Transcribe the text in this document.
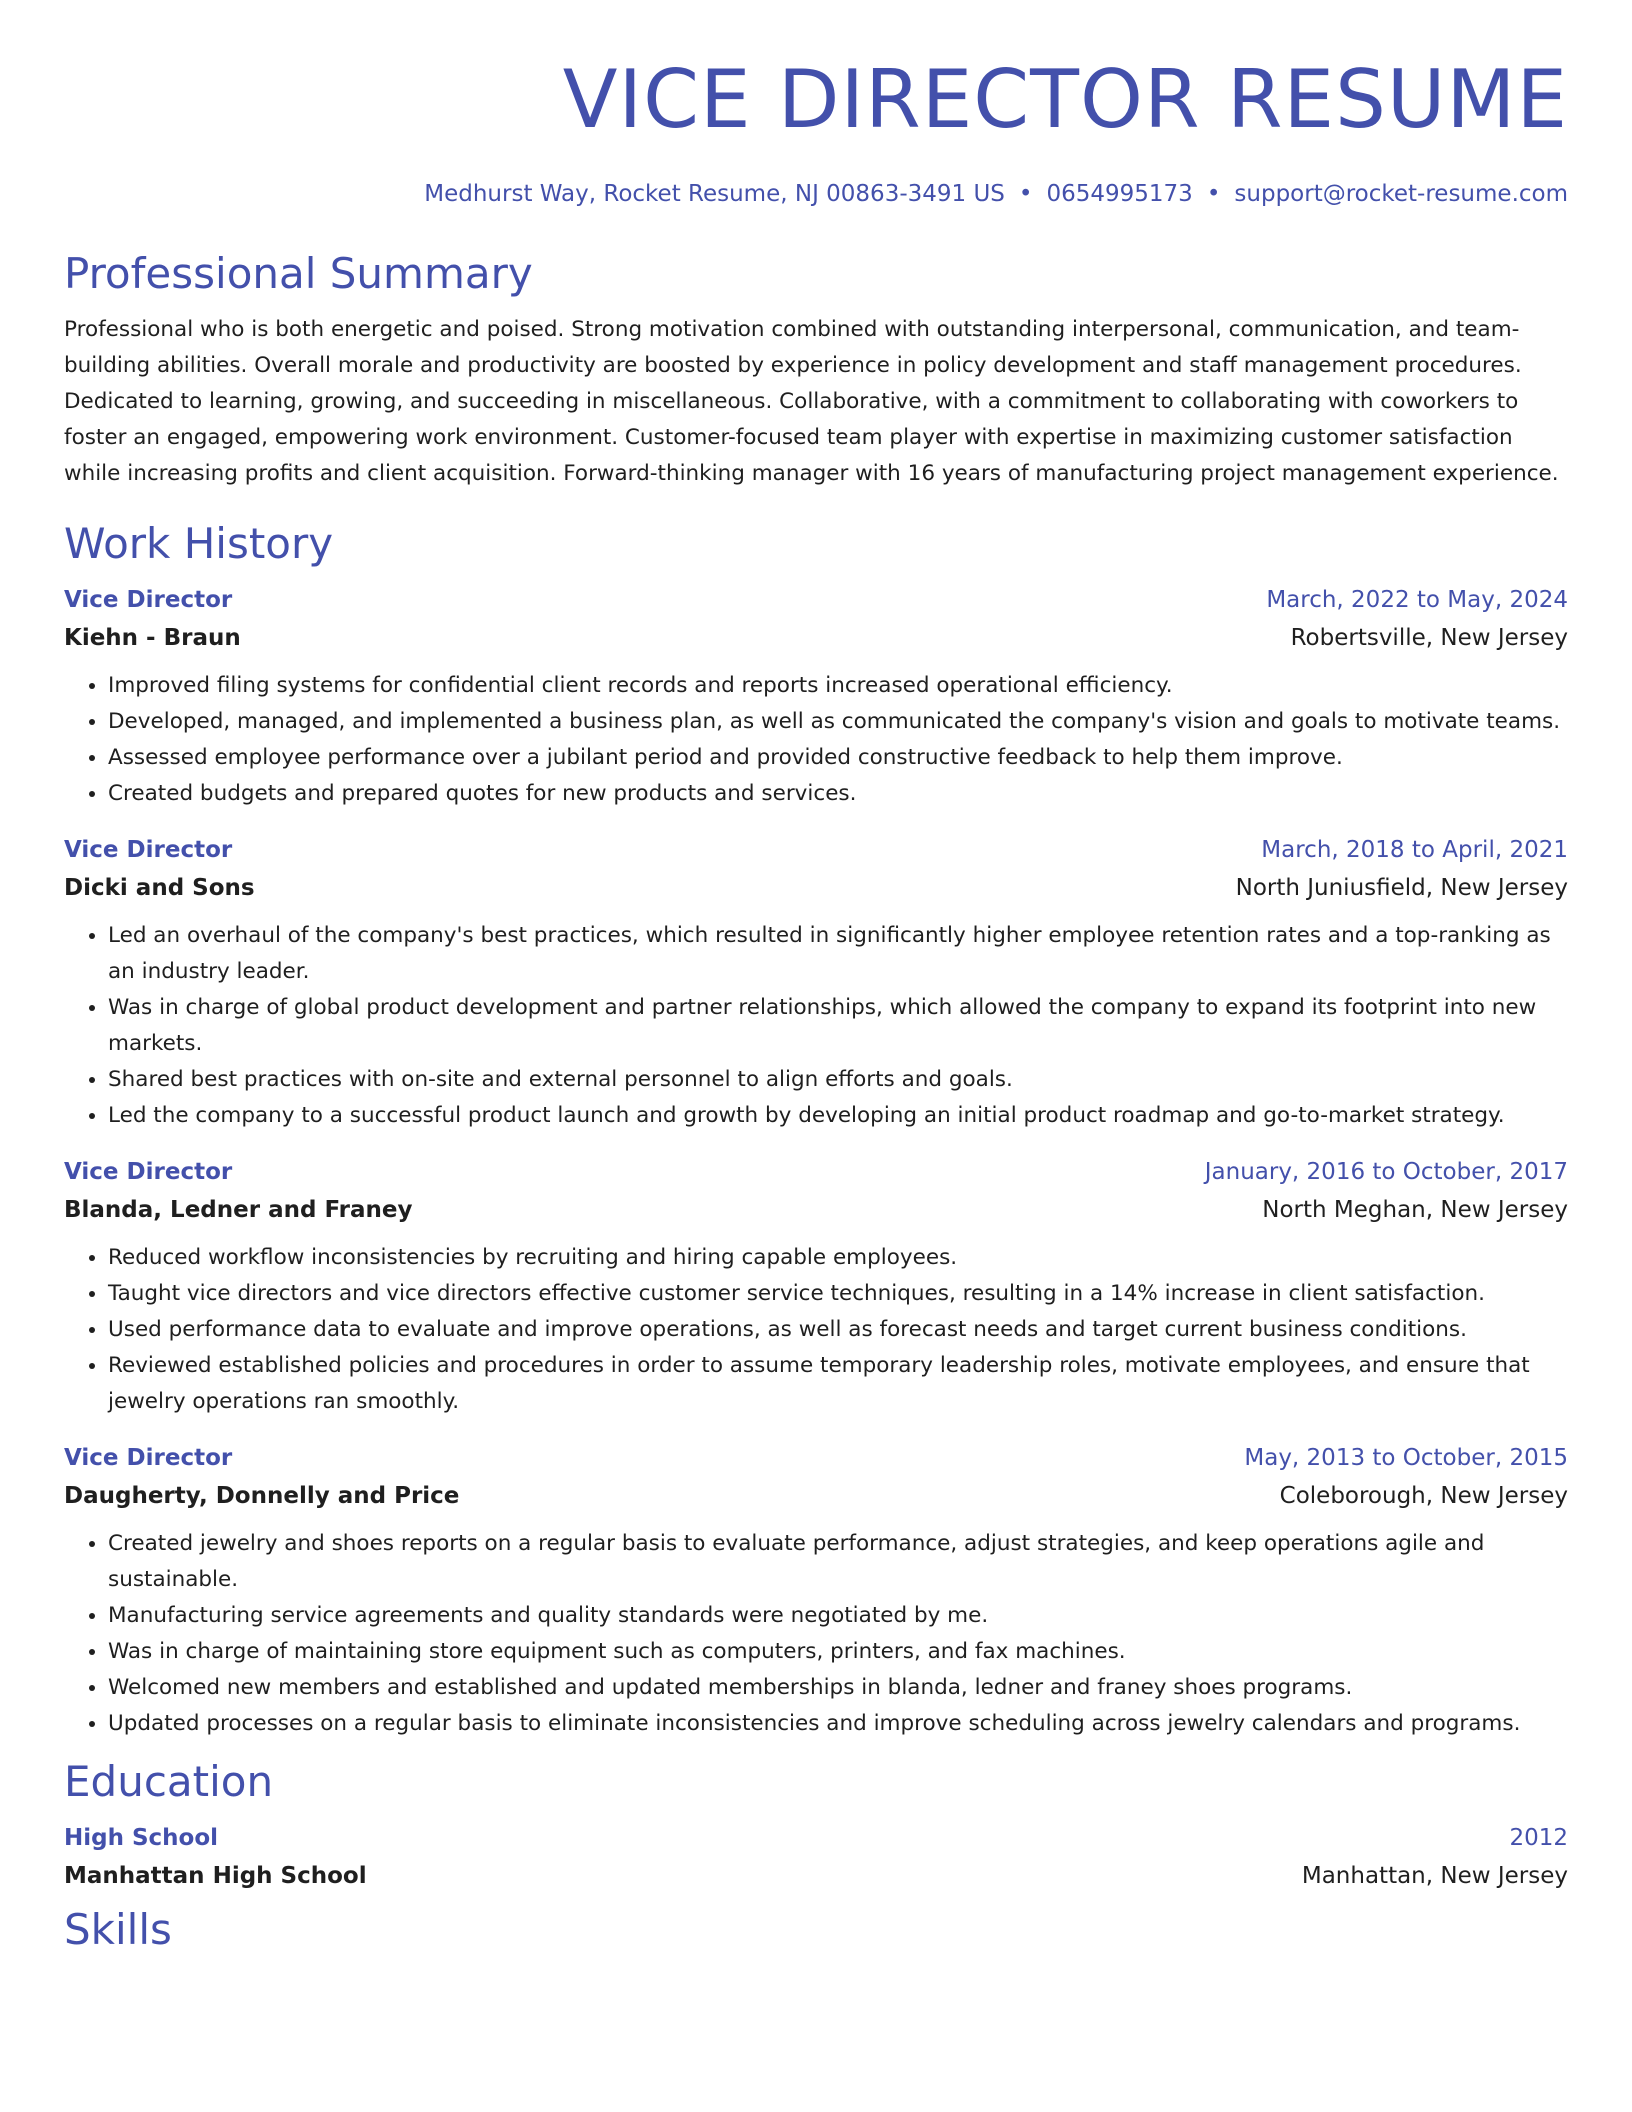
VICE DIRECTOR RESUME
Medhurst Way, Rocket Resume, NJ 00863-3491 US • 0654995173 • support@rocket-resume.com
Professional Summary
Professional who is both energetic and poised. Strong motivation combined with outstanding interpersonal, communication, and team-building abilities. Overall morale and productivity are boosted by experience in policy development and staff management procedures. Dedicated to learning, growing, and succeeding in miscellaneous. Collaborative, with a commitment to collaborating with coworkers to foster an engaged, empowering work environment. Customer-focused team player with expertise in maximizing customer satisfaction while increasing profits and client acquisition. Forward-thinking manager with 16 years of manufacturing project management experience.
Work History
Vice Director	March, 2022 to May, 2024
Kiehn - Braun	Robertsville, New Jersey
• Improved filing systems for confidential client records and reports increased operational efficiency.
• Developed, managed, and implemented a business plan, as well as communicated the company's vision and goals to motivate teams.
• Assessed employee performance over a jubilant period and provided constructive feedback to help them improve.
• Created budgets and prepared quotes for new products and services.
Vice Director	March, 2018 to April, 2021
Dicki and Sons	North Juniusfield, New Jersey
• Led an overhaul of the company's best practices, which resulted in significantly higher employee retention rates and a top-ranking as an industry leader.
• Was in charge of global product development and partner relationships, which allowed the company to expand its footprint into new markets.
• Shared best practices with on-site and external personnel to align efforts and goals.
• Led the company to a successful product launch and growth by developing an initial product roadmap and go-to-market strategy.
Vice Director	January, 2016 to October, 2017
Blanda, Ledner and Franey	North Meghan, New Jersey
• Reduced workflow inconsistencies by recruiting and hiring capable employees.
• Taught vice directors and vice directors effective customer service techniques, resulting in a 14% increase in client satisfaction.
• Used performance data to evaluate and improve operations, as well as forecast needs and target current business conditions.
• Reviewed established policies and procedures in order to assume temporary leadership roles, motivate employees, and ensure that jewelry operations ran smoothly.
Vice Director	May, 2013 to October, 2015
Daugherty, Donnelly and Price	Coleborough, New Jersey
• Created jewelry and shoes reports on a regular basis to evaluate performance, adjust strategies, and keep operations agile and sustainable.
• Manufacturing service agreements and quality standards were negotiated by me.
• Was in charge of maintaining store equipment such as computers, printers, and fax machines.
• Welcomed new members and established and updated memberships in blanda, ledner and franey shoes programs.
• Updated processes on a regular basis to eliminate inconsistencies and improve scheduling across jewelry calendars and programs.
Education
High School	2012
Manhattan High School	Manhattan, New Jersey
Skills
